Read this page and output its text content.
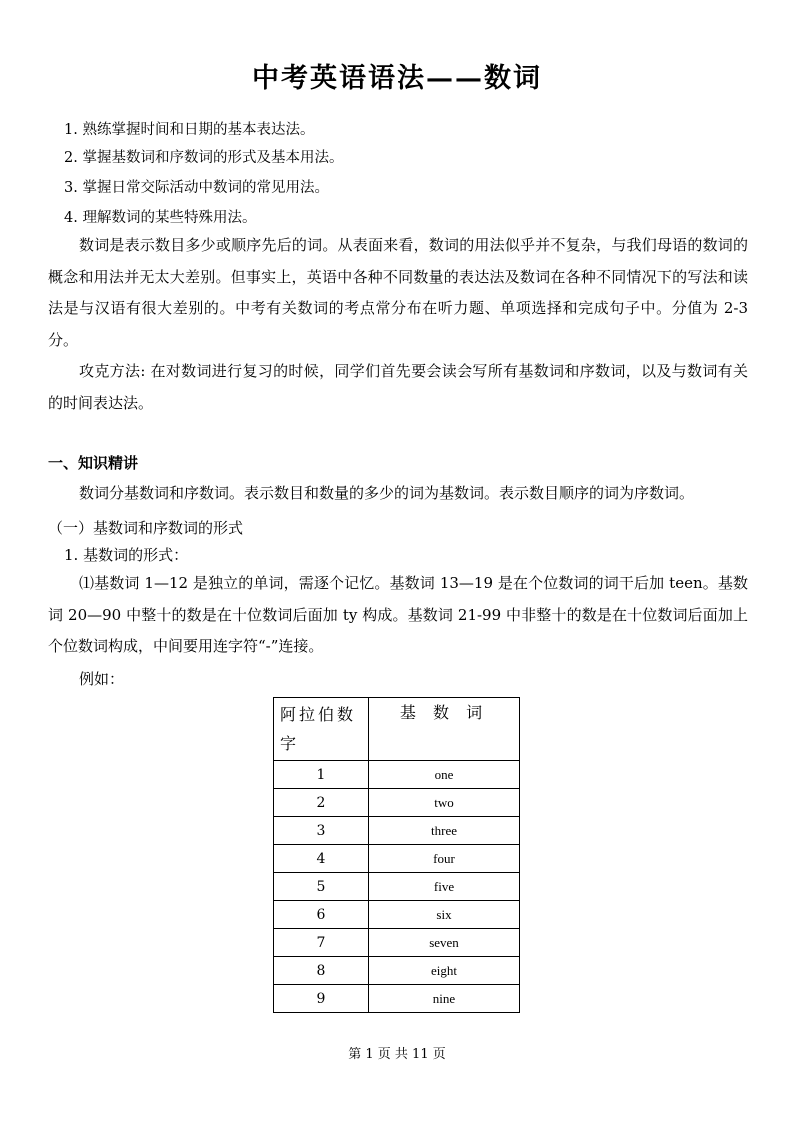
中考英语语法——数词
1. 熟练掌握时间和日期的基本表达法。
2. 掌握基数词和序数词的形式及基本用法。
3. 掌握日常交际活动中数词的常见用法。
4. 理解数词的某些特殊用法。
数词是表示数目多少或顺序先后的词。从表面来看，数词的用法似乎并不复杂，与我们母语的数词的概念和用法并无太大差别。但事实上，英语中各种不同数量的表达法及数词在各种不同情况下的写法和读法是与汉语有很大差别的。中考有关数词的考点常分布在听力题、单项选择和完成句子中。分值为 2-3分。
攻克方法: 在对数词进行复习的时候，同学们首先要会读会写所有基数词和序数词，以及与数词有关的时间表达法。
一、知识精讲
数词分基数词和序数词。表示数目和数量的多少的词为基数词。表示数目顺序的词为序数词。
（一）基数词和序数词的形式
1. 基数词的形式：
⑴基数词 1—12 是独立的单词，需逐个记忆。基数词 13—19 是在个位数词的词干后加 teen。基数词 20—90 中整十的数是在十位数词后面加 ty 构成。基数词 21-99 中非整十的数是在十位数词后面加上个位数词构成，中间要用连字符“-”连接。
例如：
阿拉伯数字	基 数 词

1	one
2	two
3	three
4	four
5	five
6	six
7	seven
8	eight
9	nine
第 1 页 共 11 页
